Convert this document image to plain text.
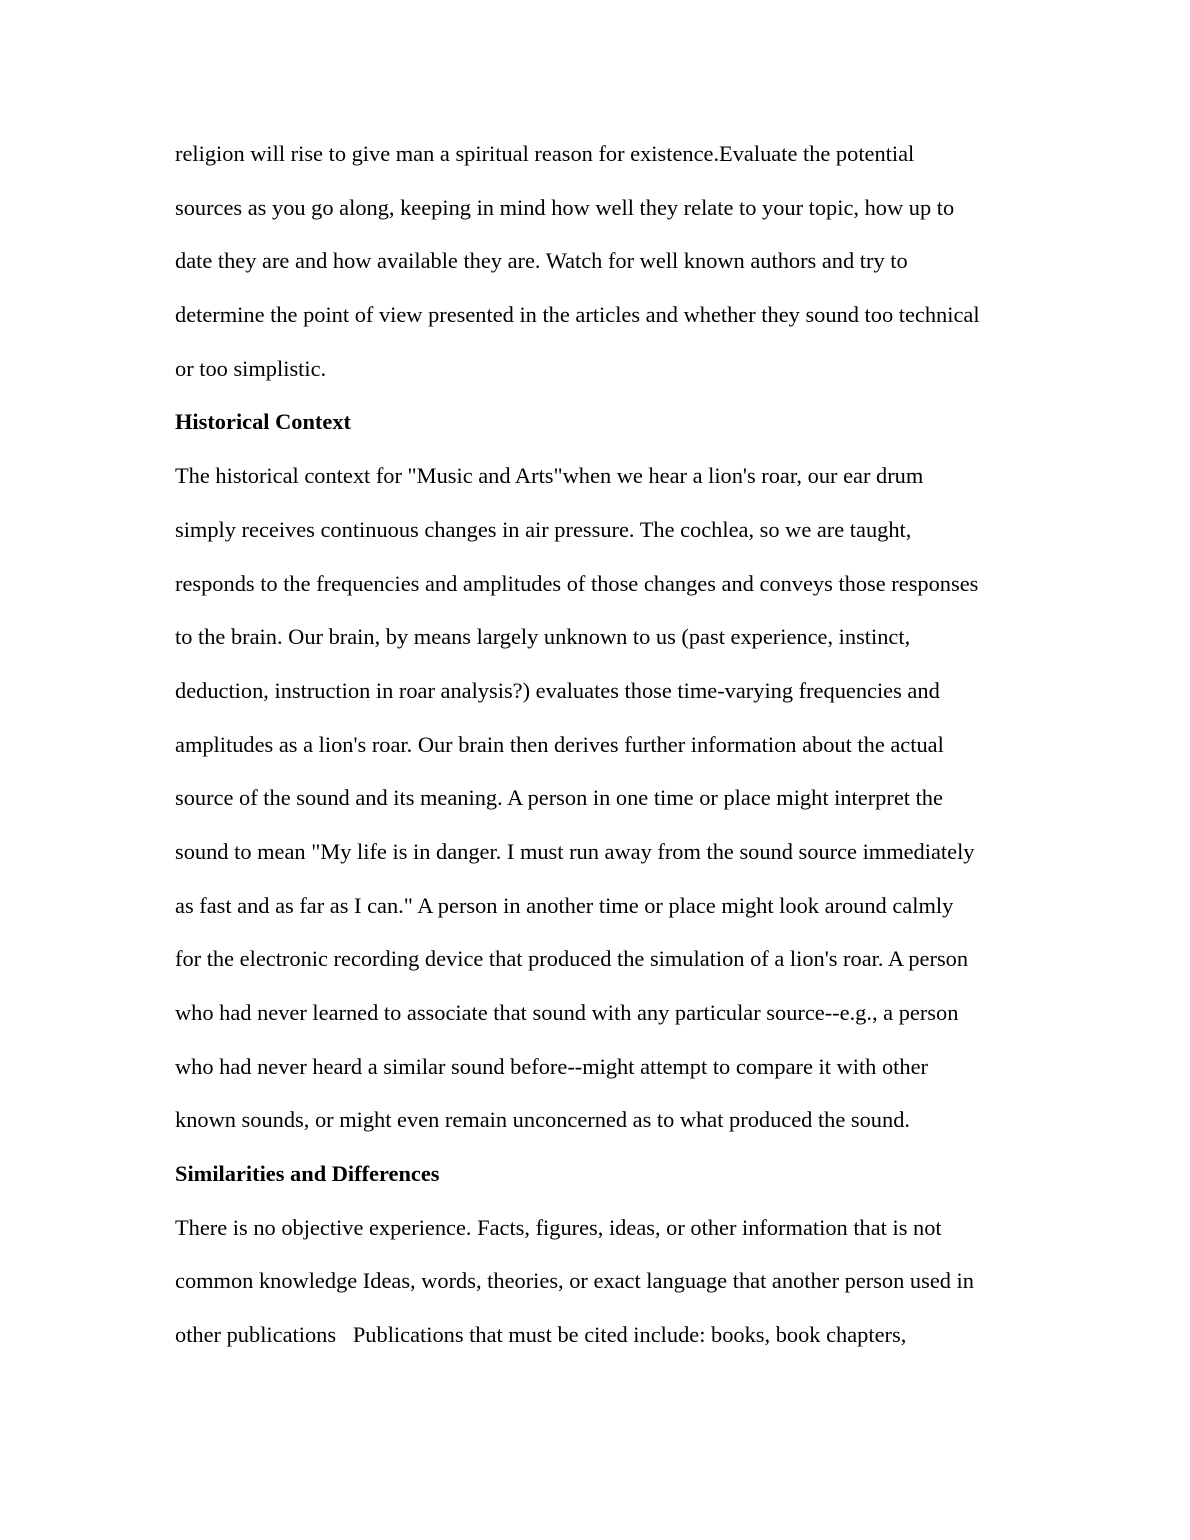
religion will rise to give man a spiritual reason for existence.Evaluate the potential
sources as you go along, keeping in mind how well they relate to your topic, how up to
date they are and how available they are. Watch for well known authors and try to
determine the point of view presented in the articles and whether they sound too technical
or too simplistic.
Historical Context
The historical context for "Music and Arts"when we hear a lion's roar, our ear drum
simply receives continuous changes in air pressure. The cochlea, so we are taught,
responds to the frequencies and amplitudes of those changes and conveys those responses
to the brain. Our brain, by means largely unknown to us (past experience, instinct,
deduction, instruction in roar analysis?) evaluates those time-varying frequencies and
amplitudes as a lion's roar. Our brain then derives further information about the actual
source of the sound and its meaning. A person in one time or place might interpret the
sound to mean "My life is in danger. I must run away from the sound source immediately
as fast and as far as I can." A person in another time or place might look around calmly
for the electronic recording device that produced the simulation of a lion's roar. A person
who had never learned to associate that sound with any particular source--e.g., a person
who had never heard a similar sound before--might attempt to compare it with other
known sounds, or might even remain unconcerned as to what produced the sound.
Similarities and Differences
There is no objective experience. Facts, figures, ideas, or other information that is not
common knowledge Ideas, words, theories, or exact language that another person used in
other publications   Publications that must be cited include: books, book chapters,
